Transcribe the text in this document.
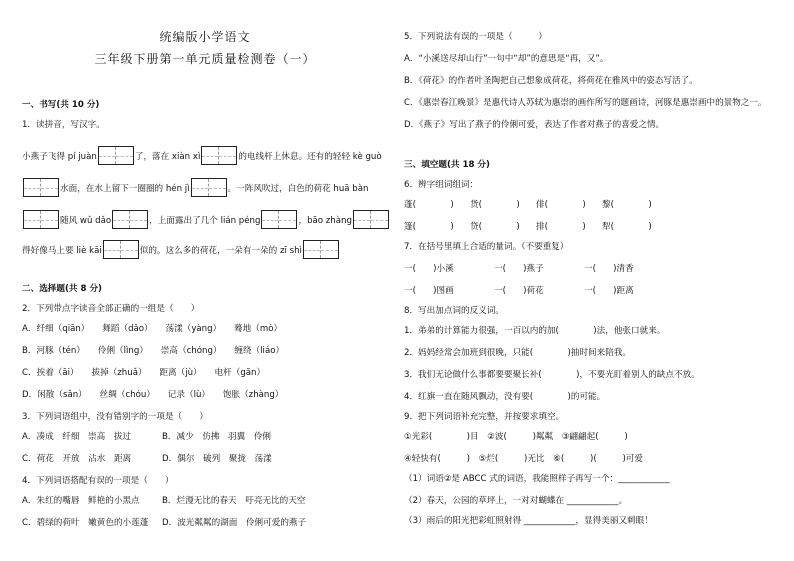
统编版小学语文
三年级下册第一单元质量检测卷（一）
一、书写(共 10 分)
1．读拼音，写汉字。
小燕子飞得 pí juàn	了，落在 xiàn xì	的电线杆上休息。还有的轻轻 kè guò
水面，在水上留下一圈圈的 hén jì	。一阵风吹过，白色的荷花 huā bàn
随风 wǔ dǎo	，上面露出了几个 lián péng	，bāo zhàng
得好像马上要 liè kāi	似的。这么多的荷花，一朵有一朵的 zī shì
二、选择题(共 8 分)
2．下列带点字读音全部正确的一组是（　　）
A．纤细（qiān）　　舞蹈（dǎo）　　荡漾（yàng）　　蓦地（mò）
B．河豚（tén）　　伶俐（lìng）　　崇高（chóng）　　缠绕（liáo）
C．挨着（āi）　　拔掉（zhuǎ）　　距离（jù）　　电杆（gān）
D．闲散（sǎn）　　丝绸（chóu）　　记录（lù）　　饱胀（zhàng）
3．下列词语组中，没有错别字的一项是（　　）
A．凑成　纤细　崇高　拔过	B．减少　仿拂　羽翼　伶俐
C．荷花　开放　沾水　距离	D．偶尔　破列　聚拢　荡漾
4．下列词语搭配有误的一项是（　　）
A．朱红的嘴唇　鲜艳的小黑点	B．烂漫无比的春天　吁亮无比的天空
C．碧绿的荷叶　嫩黄色的小莲蓬 D．波光粼粼的湖面　伶俐可爱的燕子
5．下列说法有误的一项是（　　　）
A．“小溪送尽却山行”一句中“却”的意思是“再，又”。
B．《荷花》的作者叶圣陶把自己想象成荷花，将荷花在雅风中的姿态写活了。
C．《惠崇春江晚景》是惠代诗人苏轼为惠崇的画作所写的题画诗，河豚是惠崇画中的景物之一。
D．《燕子》写出了燕子的伶俐可爱，表达了作者对燕子的喜爱之情。
三、填空题(共 18 分)
6．辨字组词组词：
蓬(　　　　) 货(　　　　) 俳(　　　　) 黎(　　　　)
篷(　　　　) 贷(　　　　) 排(　　　　) 犁(　　　　)
7．在括号里填上合适的量词。（不要重复）
一(　　)小溪	一(　　)燕子	一(　　)清香
一(　　)图画	一(　　)荷花	一(　　)距离
8．写出加点词的反义词。
1．弟弟的计算能力很强，一百以内的加(　　　　)法，他张口就来。
2．妈妈经常会加班到很晚，只能(　　　　)抽时间来陪我。
3．我们无论做什么事都要要聚长补(　　　　)，不要光盯着别人的缺点不放。
4．红旗一直在随风飘动，没有要(　　　　)的可能。
9．把下列词语补充完整，并按要求填空。
①光彩(　　　　)目　②波(　　　)粼粼　③翩翩起(　　　)
④轻快有(　　　)　⑤烂(　　　)无比　⑥(　　　)(　　　)可爱
（1）词语②是 ABCC 式的词语，我能照样子再写一个：____________
（2）春天，公园的草坪上，一对对蝴蝶在 ____________。
（3）雨后的阳光把彩虹照射得 ____________，显得美丽又刺眼！
